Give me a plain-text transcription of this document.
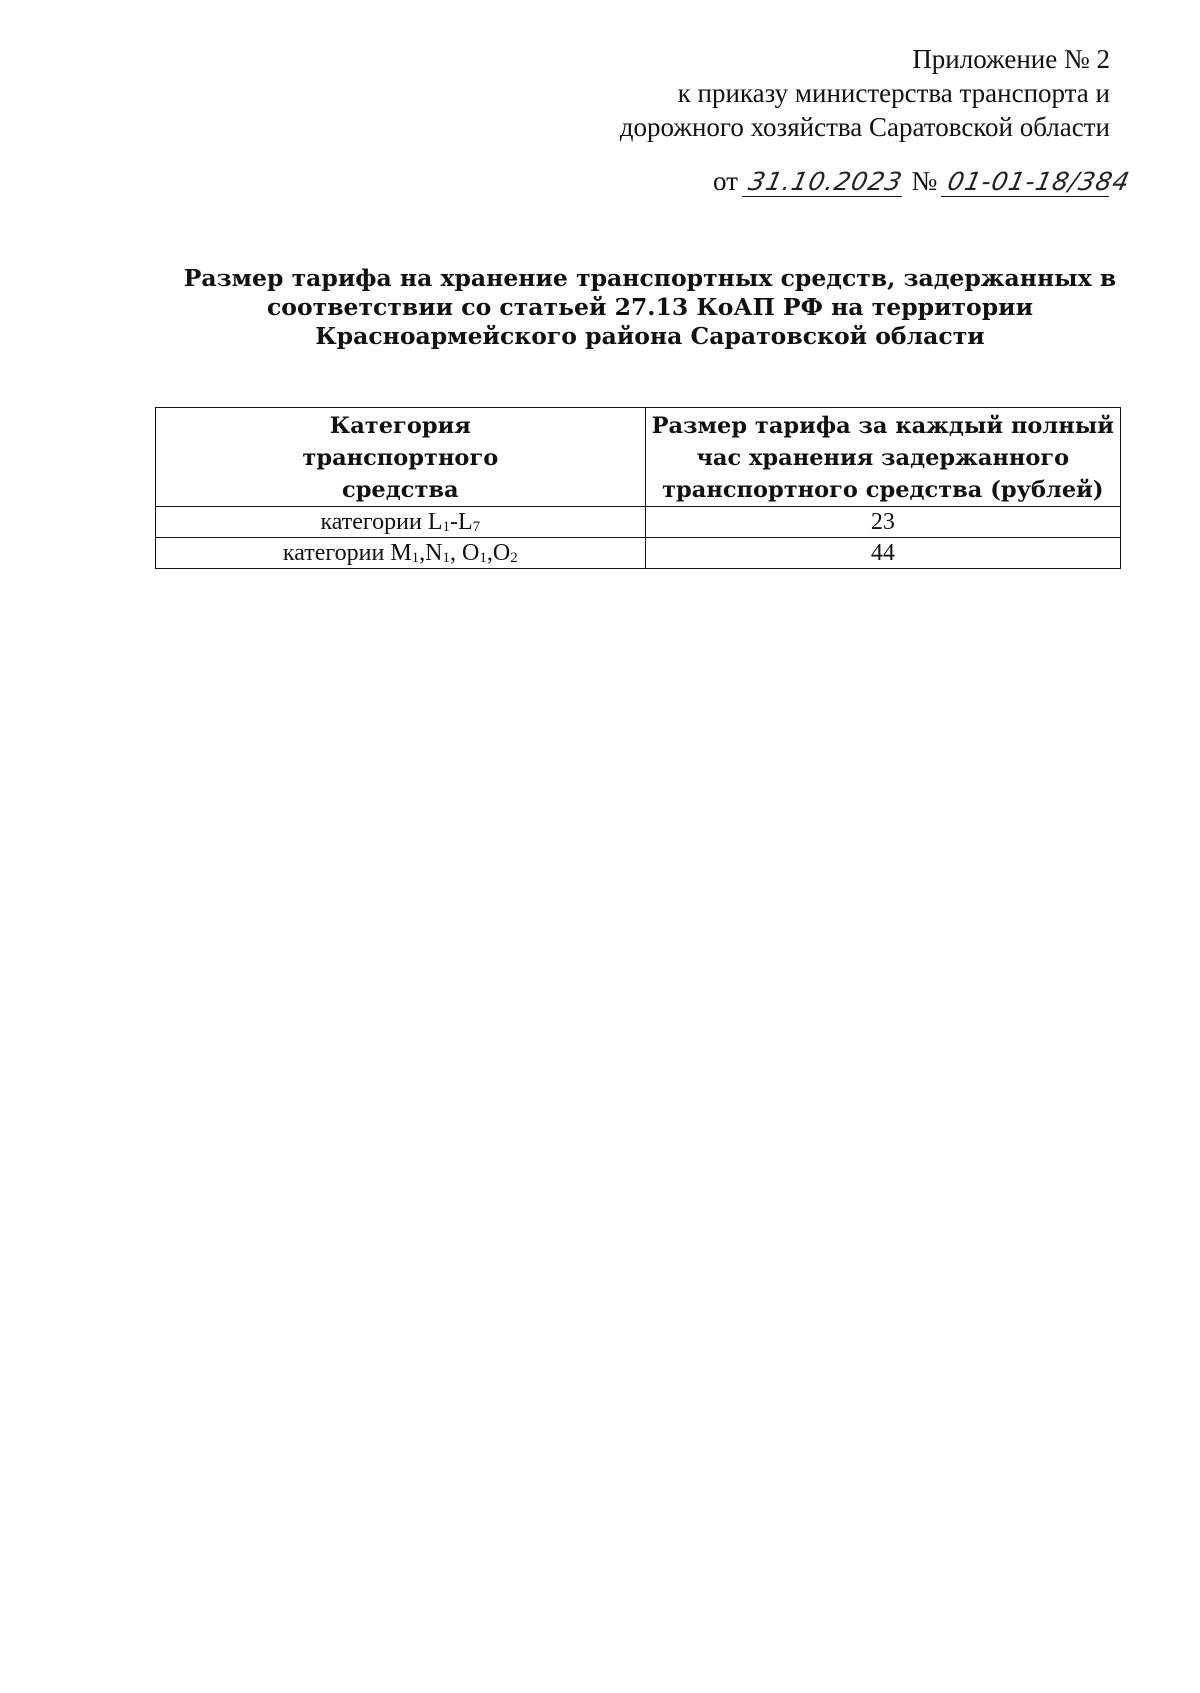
Приложение № 2
к приказу министерства транспорта и
дорожного хозяйства Саратовской области
от 31.10.2023 № 01-01-18/384
Размер тарифа на хранение транспортных средств, задержанных в
соответствии со статьей 27.13 КоАП РФ на территории
Красноармейского района Саратовской области
Категория
транспортного
средства	Размер тарифа за каждый полный
час хранения задержанного
транспортного средства (рублей)

категории $L_1-L_7$	23
категории $M_1,N_1$, $O_1,O_2$	44
